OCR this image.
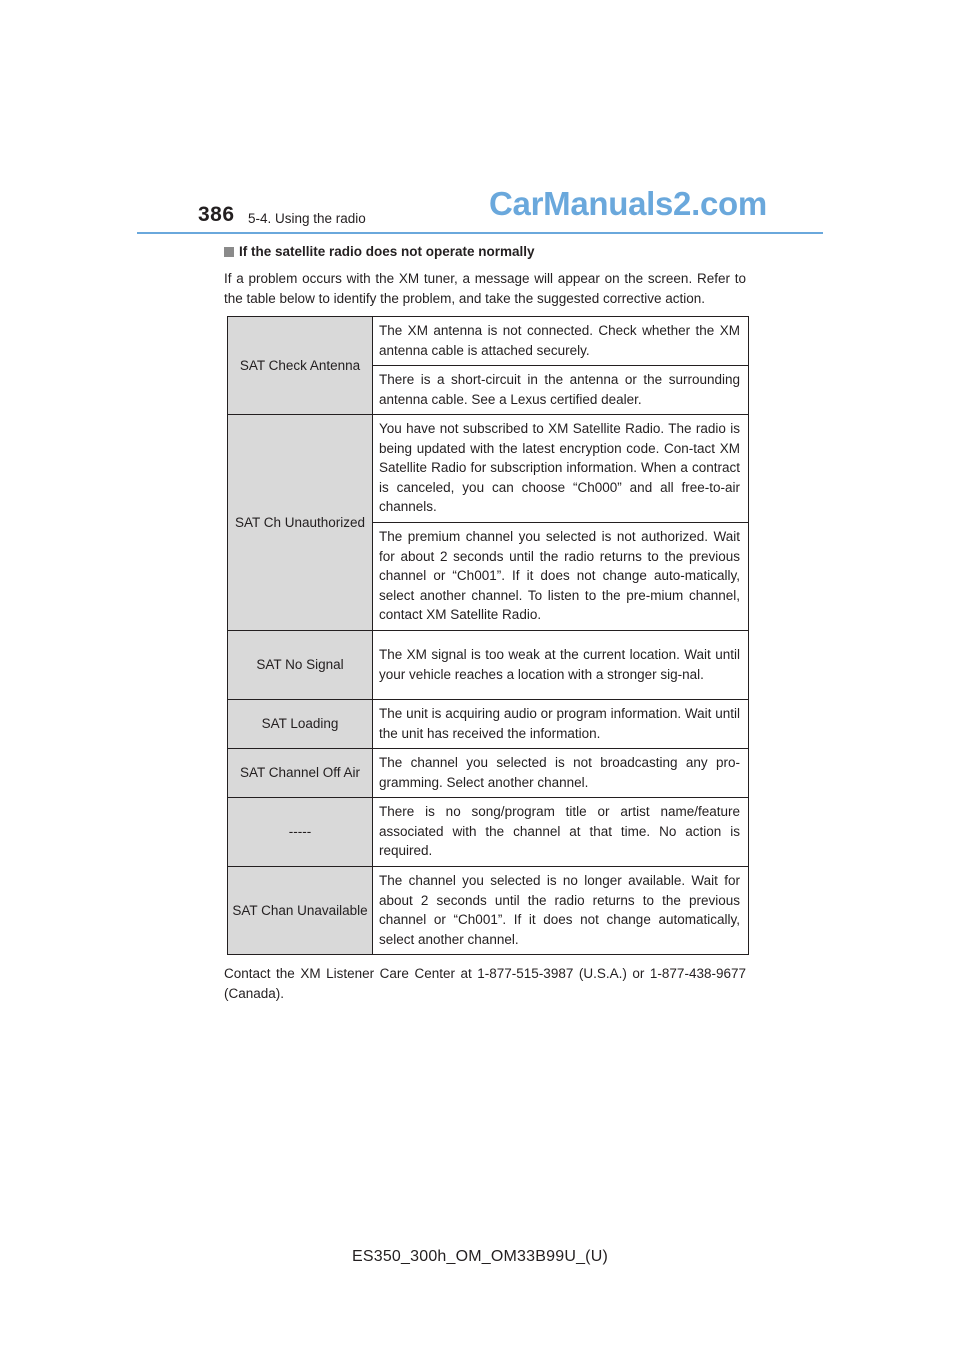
386 5-4. Using the radio	CarManuals2.com
If the satellite radio does not operate normally
If a problem occurs with the XM tuner, a message will appear on the screen. Refer to the table below to identify the problem, and take the suggested corrective action.
SAT Check Antenna	The XM antenna is not connected. Check whether the XM antenna cable is attached securely.
	There is a short-circuit in the antenna or the surrounding antenna cable. See a Lexus certified dealer.
SAT Ch Unauthorized	You have not subscribed to XM Satellite Radio. The radio is being updated with the latest encryption code. Con-tact XM Satellite Radio for subscription information. When a contract is canceled, you can choose “Ch000” and all free-to-air channels.
	The premium channel you selected is not authorized. Wait for about 2 seconds until the radio returns to the previous channel or “Ch001”. If it does not change auto-matically, select another channel. To listen to the pre-mium channel, contact XM Satellite Radio.
SAT No Signal	The XM signal is too weak at the current location. Wait until your vehicle reaches a location with a stronger sig-nal.
SAT Loading	The unit is acquiring audio or program information. Wait until the unit has received the information.
SAT Channel Off Air	The channel you selected is not broadcasting any pro-gramming. Select another channel.
-----	There is no song/program title or artist name/feature associated with the channel at that time. No action is required.
SAT Chan Unavailable	The channel you selected is no longer available. Wait for about 2 seconds until the radio returns to the previous channel or “Ch001”. If it does not change automatically, select another channel.
Contact the XM Listener Care Center at 1-877-515-3987 (U.S.A.) or 1-877-438-9677 (Canada).
ES350_300h_OM_OM33B99U_(U)
